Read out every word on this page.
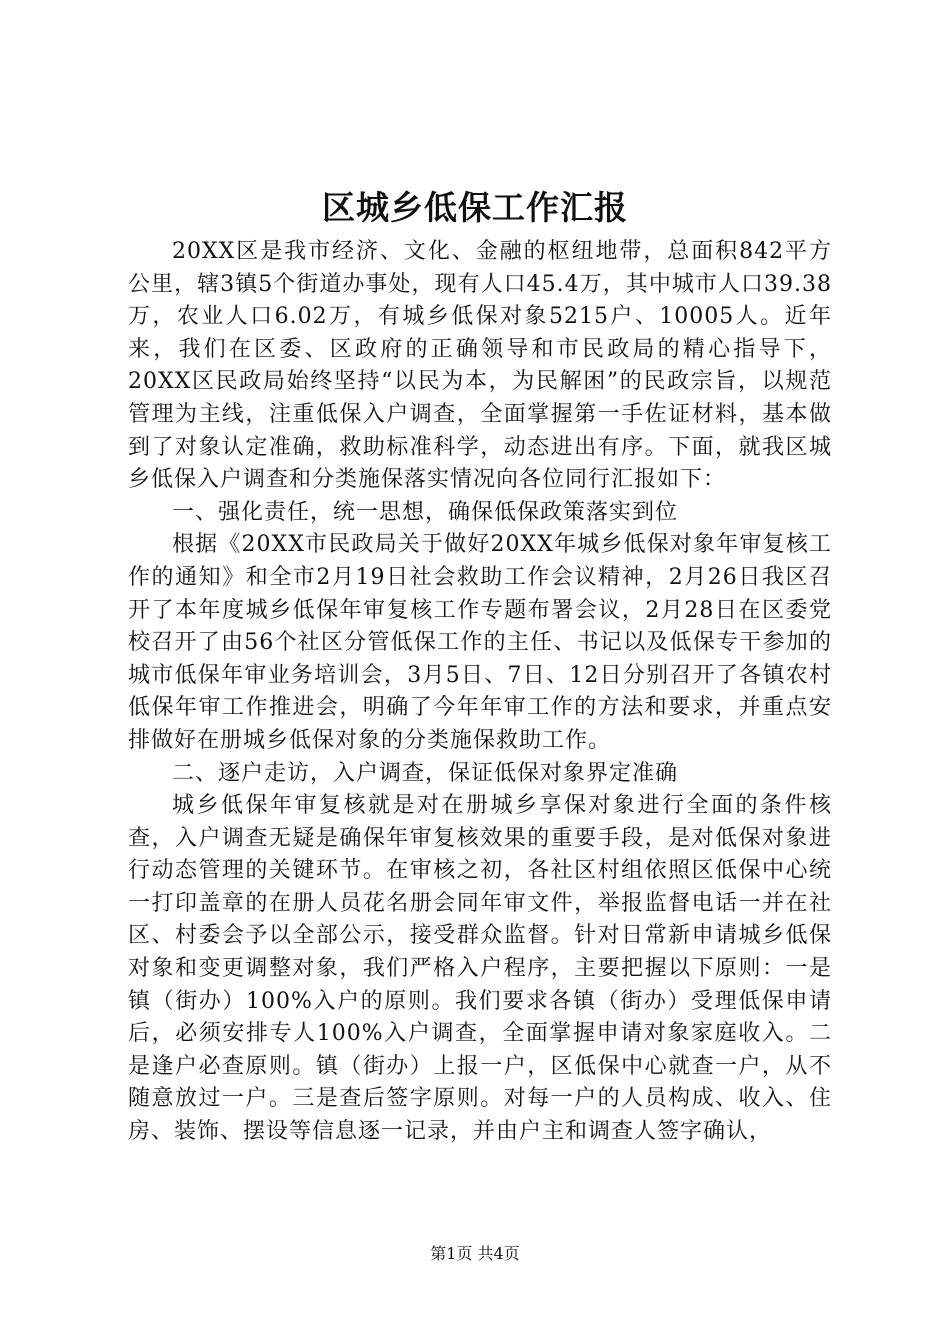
区城乡低保工作汇报

20XX区是我市经济、文化、金融的枢纽地带，总面积842平方公里，辖3镇5个街道办事处，现有人口45.4万，其中城市人口39.38万，农业人口6.02万，有城乡低保对象5215户、10005人。近年来，我们在区委、区政府的正确领导和市民政局的精心指导下，20XX区民政局始终坚持“以民为本，为民解困”的民政宗旨，以规范管理为主线，注重低保入户调查，全面掌握第一手佐证材料，基本做到了对象认定准确，救助标准科学，动态进出有序。下面，就我区城乡低保入户调查和分类施保落实情况向各位同行汇报如下：

一、强化责任，统一思想，确保低保政策落实到位

根据《20XX市民政局关于做好20XX年城乡低保对象年审复核工作的通知》和全市2月19日社会救助工作会议精神，2月26日我区召开了本年度城乡低保年审复核工作专题布署会议，2月28日在区委党校召开了由56个社区分管低保工作的主任、书记以及低保专干参加的城市低保年审业务培训会，3月5日、7日、12日分别召开了各镇农村低保年审工作推进会，明确了今年年审工作的方法和要求，并重点安排做好在册城乡低保对象的分类施保救助工作。

二、逐户走访，入户调查，保证低保对象界定准确

城乡低保年审复核就是对在册城乡享保对象进行全面的条件核查，入户调查无疑是确保年审复核效果的重要手段，是对低保对象进行动态管理的关键环节。在审核之初，各社区村组依照区低保中心统一打印盖章的在册人员花名册会同年审文件，举报监督电话一并在社区、村委会予以全部公示，接受群众监督。针对日常新申请城乡低保对象和变更调整对象，我们严格入户程序，主要把握以下原则：一是镇（街办）100%入户的原则。我们要求各镇（街办）受理低保申请后，必须安排专人100%入户调查，全面掌握申请对象家庭收入。二是逢户必查原则。镇（街办）上报一户，区低保中心就查一户，从不随意放过一户。三是查后签字原则。对每一户的人员构成、收入、住房、装饰、摆设等信息逐一记录，并由户主和调查人签字确认，

第1页 共4页
